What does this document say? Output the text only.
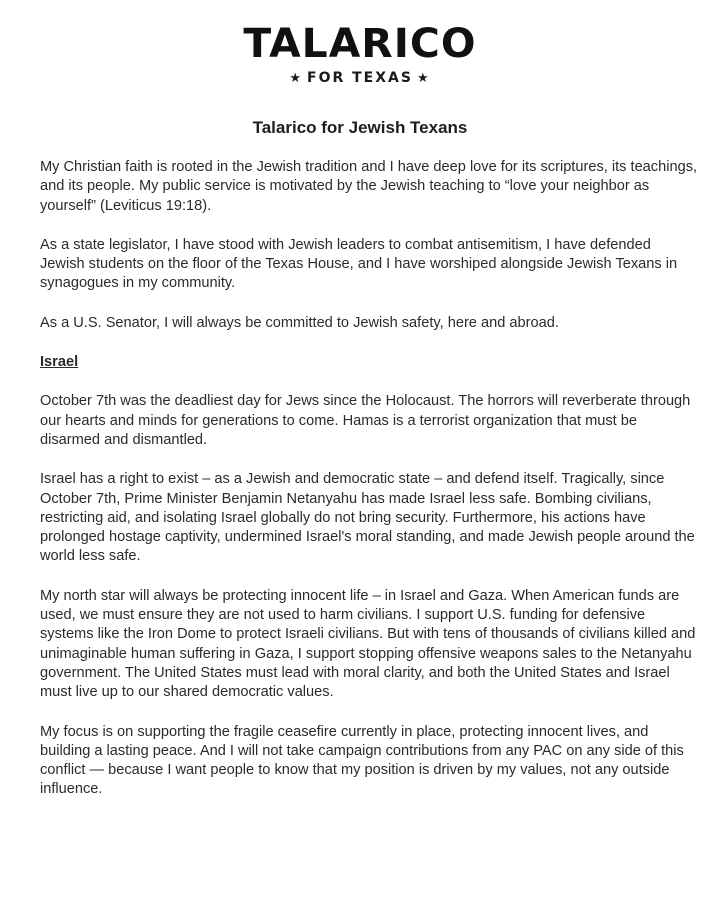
TALARICO
★ FOR TEXAS ★
Talarico for Jewish Texans

My Christian faith is rooted in the Jewish tradition and I have deep love for its scriptures, its teachings, and its people. My public service is motivated by the Jewish teaching to “love your neighbor as yourself” (Leviticus 19:18).

As a state legislator, I have stood with Jewish leaders to combat antisemitism, I have defended Jewish students on the floor of the Texas House, and I have worshiped alongside Jewish Texans in synagogues in my community.

As a U.S. Senator, I will always be committed to Jewish safety, here and abroad.

Israel

October 7th was the deadliest day for Jews since the Holocaust. The horrors will reverberate through our hearts and minds for generations to come. Hamas is a terrorist organization that must be disarmed and dismantled.

Israel has a right to exist – as a Jewish and democratic state – and defend itself. Tragically, since October 7th, Prime Minister Benjamin Netanyahu has made Israel less safe. Bombing civilians, restricting aid, and isolating Israel globally do not bring security. Furthermore, his actions have prolonged hostage captivity, undermined Israel's moral standing, and made Jewish people around the world less safe.

My north star will always be protecting innocent life – in Israel and Gaza. When American funds are used, we must ensure they are not used to harm civilians. I support U.S. funding for defensive systems like the Iron Dome to protect Israeli civilians. But with tens of thousands of civilians killed and unimaginable human suffering in Gaza, I support stopping offensive weapons sales to the Netanyahu government. The United States must lead with moral clarity, and both the United States and Israel must live up to our shared democratic values.

My focus is on supporting the fragile ceasefire currently in place, protecting innocent lives, and building a lasting peace. And I will not take campaign contributions from any PAC on any side of this conflict — because I want people to know that my position is driven by my values, not any outside influence.
